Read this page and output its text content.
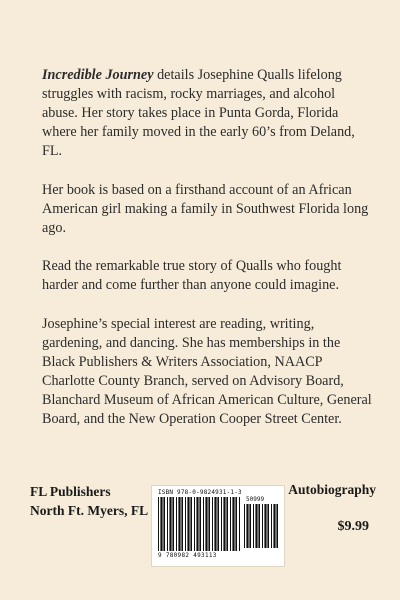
Incredible Journey details Josephine Qualls lifelong struggles with racism, rocky marriages, and alcohol abuse. Her story takes place in Punta Gorda, Florida where her family moved in the early 60’s from Deland, FL.

Her book is based on a firsthand account of an African American girl making a family in Southwest Florida long ago.

Read the remarkable true story of Qualls who fought harder and come further than anyone could imagine.

Josephine’s special interest are reading, writing, gardening, and dancing. She has memberships in the Black Publishers & Writers Association, NAACP Charlotte County Branch, served on Advisory Board, Blanchard Museum of African American Culture, General Board, and the New Operation Cooper Street Center.

FL Publishers
North Ft. Myers, FL
ISBN 978-0-9824931-1-3
50999
9 780982 493113
Autobiography
$9.99
